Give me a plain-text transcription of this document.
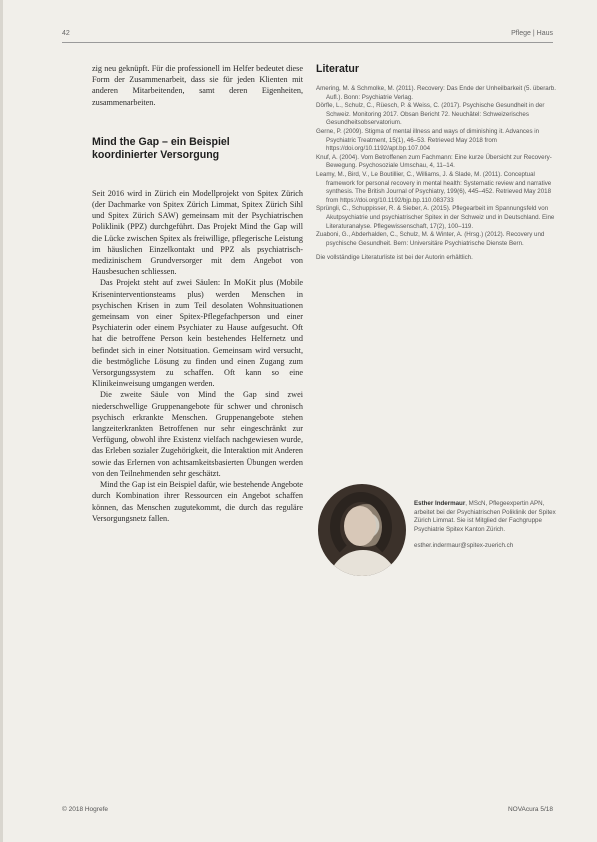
42	Pflege | Haus

zig neu geknüpft. Für die professionell im Helfer bedeutet diese Form der Zusammenarbeit, dass sie für jeden Klienten mit anderen Mitarbeitenden, samt deren Eigenheiten, zusammenarbeiten.

Mind the Gap – ein Beispiel
koordinierter Versorgung

Seit 2016 wird in Zürich ein Modellprojekt von Spitex Zürich (der Dachmarke von Spitex Zürich Limmat, Spitex Zürich Sihl und Spitex Zürich SAW) gemeinsam mit der Psychiatrischen Poliklinik (PPZ) durchgeführt. Das Projekt Mind the Gap will die Lücke zwischen Spitex als freiwillige, pflegerische Leistung im häuslichen Einzelkontakt und PPZ als psychiatrisch-medizinischem Grundversorger mit dem Angebot von Hausbesuchen schliessen.

Das Projekt steht auf zwei Säulen: In MoKit plus (Mobile Kriseninterventionsteams plus) werden Menschen in psychischen Krisen in zum Teil desolaten Wohnsituationen gemeinsam von einer Spitex-Pflegefachperson und einer Psychiaterin oder einem Psychiater zu Hause aufgesucht. Oft hat die betroffene Person kein bestehendes Helfernetz und befindet sich in einer Notsituation. Gemeinsam wird versucht, die bestmögliche Lösung zu finden und einen Zugang zum Versorgungssystem zu schaffen. Oft kann so eine Klinikeinweisung umgangen werden.

Die zweite Säule von Mind the Gap sind zwei niederschwellige Gruppenangebote für schwer und chronisch psychisch erkrankte Menschen. Gruppenangebote stehen langzeiterkrankten Betroffenen nur sehr eingeschränkt zur Verfügung, obwohl ihre Existenz vielfach nachgewiesen wurde, das Erleben sozialer Zugehörigkeit, die Interaktion mit Anderen sowie das Erlernen von achtsamkeitsbasierten Übungen werden von den Teilnehmenden sehr geschätzt.

Mind the Gap ist ein Beispiel dafür, wie bestehende Angebote durch Kombination ihrer Ressourcen ein Angebot schaffen können, das Menschen zugutekommt, die durch das reguläre Versorgungsnetz fallen.

Literatur

Amering, M. & Schmolke, M. (2011). Recovery: Das Ende der Unheilbarkeit (5. überarb. Aufl.). Bonn: Psychiatrie Verlag.

Dörfle, L., Schulz, C., Rüesch, P. & Weiss, C. (2017). Psychische Gesundheit in der Schweiz. Monitoring 2017. Obsan Bericht 72. Neuchâtel: Schweizerisches Gesundheitsobservatorium.

Gerne, P. (2009). Stigma of mental illness and ways of diminishing it. Advances in Psychiatric Treatment, 15(1), 46–53. Retrieved May 2018 from https://doi.org/10.1192/apt.bp.107.004

Knuf, A. (2004). Vom Betroffenen zum Fachmann: Eine kurze Übersicht zur Recovery-Bewegung. Psychosoziale Umschau, 4, 11–14.

Leamy, M., Bird, V., Le Boutillier, C., Williams, J. & Slade, M. (2011). Conceptual framework for personal recovery in mental health: Systematic review and narrative synthesis. The British Journal of Psychiatry, 199(6), 445–452. Retrieved May 2018 from https://doi.org/10.1192/bjp.bp.110.083733

Sprüngli, C., Schuppisser, R. & Sieber, A. (2015). Pflegearbeit im Spannungsfeld von Akutpsychiatrie und psychiatrischer Spitex in der Schweiz und in Deutschland. Eine Literaturanalyse. Pflegewissenschaft, 17(2), 100–119.

Zuaboni, G., Abderhalden, C., Schulz, M. & Winter, A. (Hrsg.) (2012). Recovery und psychische Gesundheit. Bern: Universitäre Psychiatrische Dienste Bern.

Die vollständige Literaturliste ist bei der Autorin erhältlich.
Esther Indermaur, MScN, Pflegeexpertin APN, arbeitet bei der Psychiatrischen Poliklinik der Spitex Zürich Limmat. Sie ist Mitglied der Fachgruppe Psychiatrie Spitex Kanton Zürich.
esther.indermaur@spitex-zuerich.ch
© 2018 Hogrefe	NOVAcura 5/18
